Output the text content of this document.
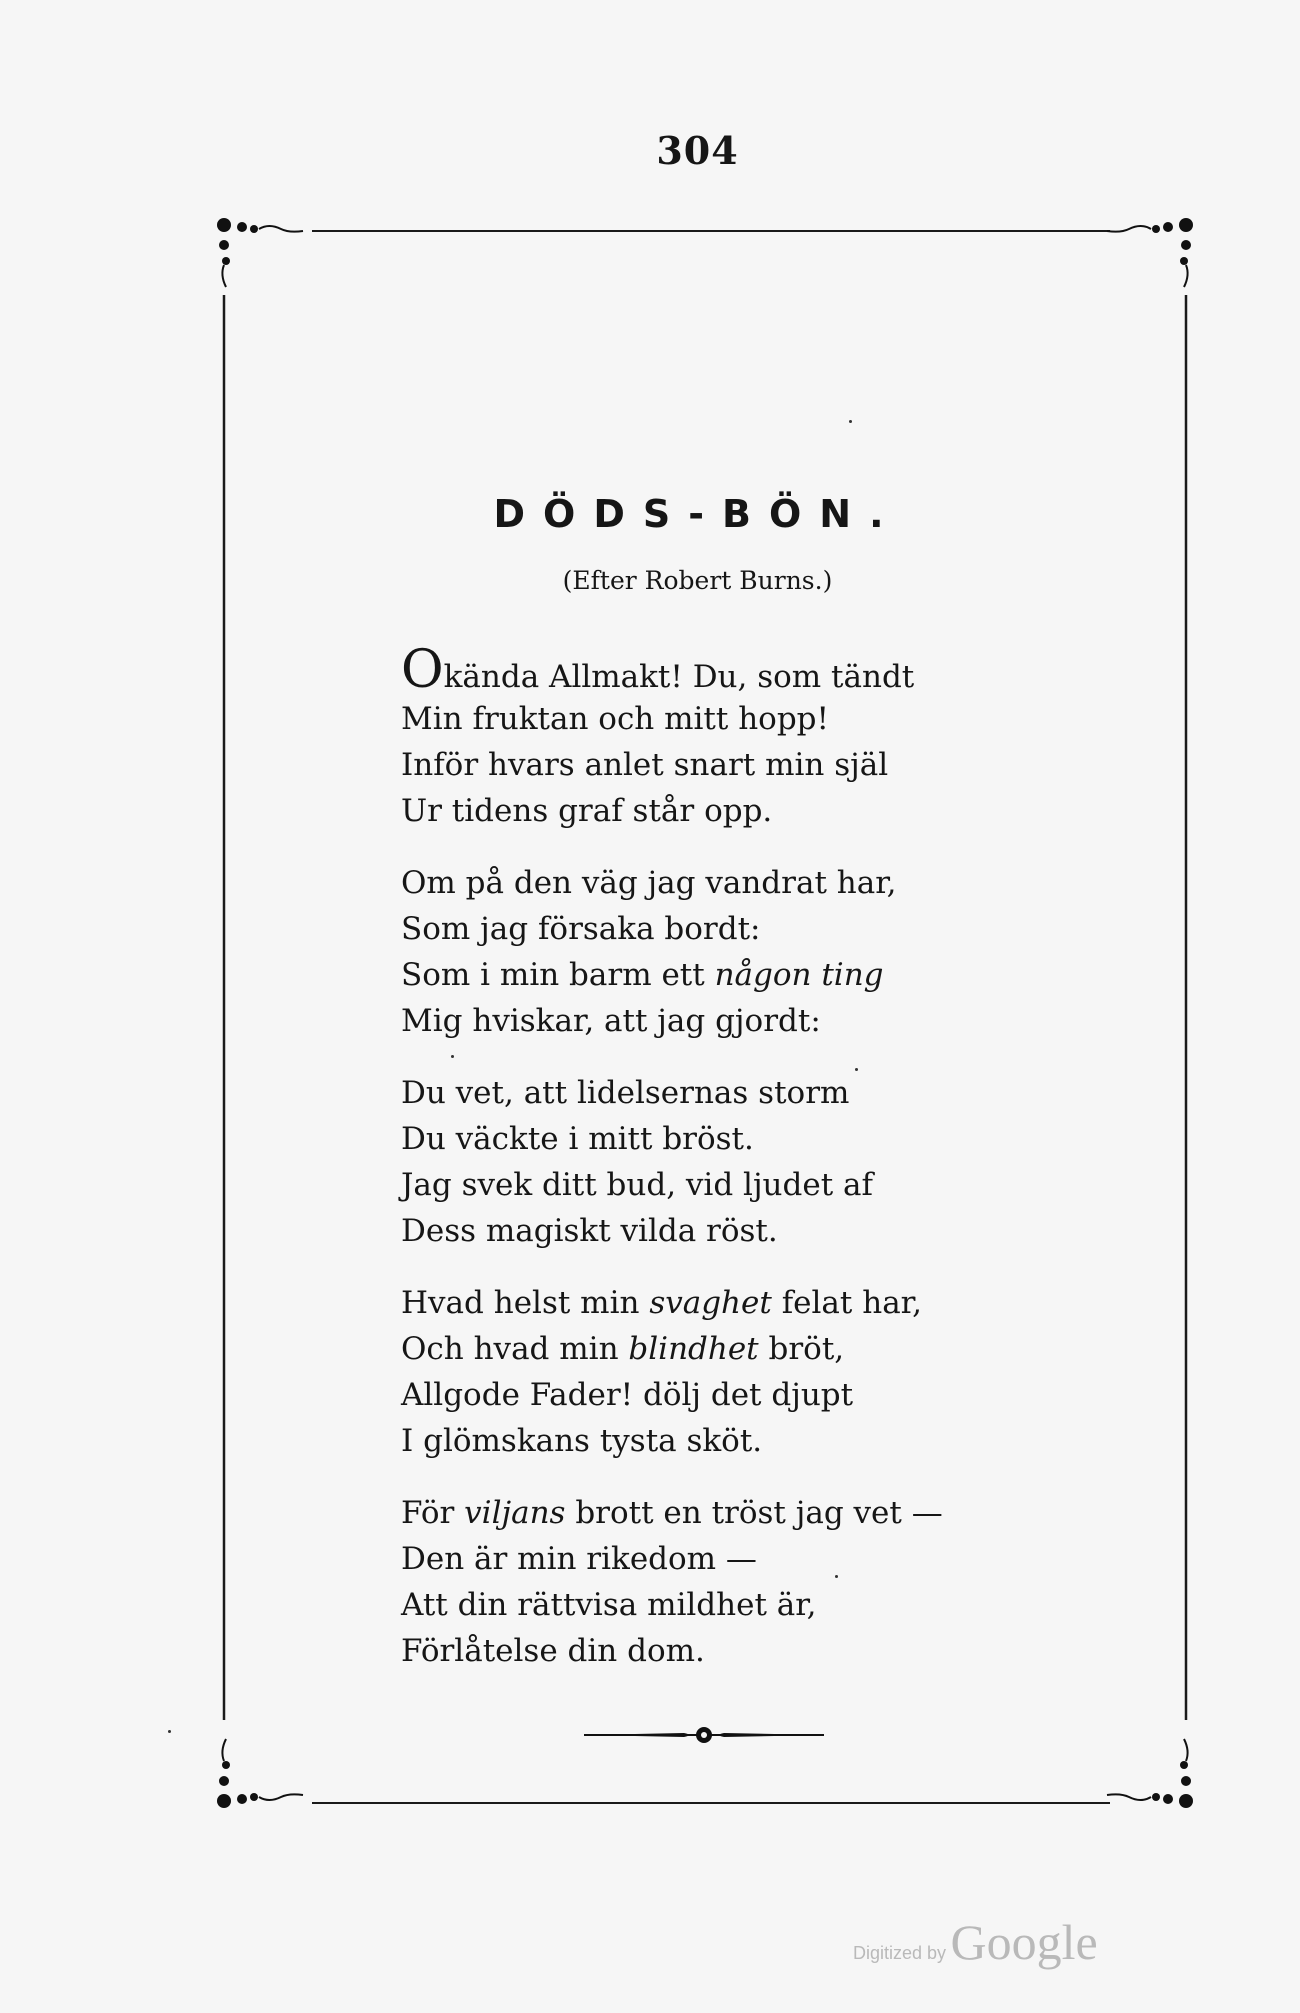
304
DÖDS-BÖN.
(Efter Robert Burns.)
Okända Allmakt! Du, som tändt
Min fruktan och mitt hopp!
Inför hvars anlet snart min själ
Ur tidens graf står opp.
Om på den väg jag vandrat har,
Som jag försaka bordt:
Som i min barm ett någon ting
Mig hviskar, att jag gjordt:
Du vet, att lidelsernas storm
Du väckte i mitt bröst.
Jag svek ditt bud, vid ljudet af
Dess magiskt vilda röst.
Hvad helst min svaghet felat har,
Och hvad min blindhet bröt,
Allgode Fader! dölj det djupt
I glömskans tysta sköt.
För viljans brott en tröst jag vet —
Den är min rikedom —
Att din rättvisa mildhet är,
Förlåtelse din dom.
Digitized by Google
